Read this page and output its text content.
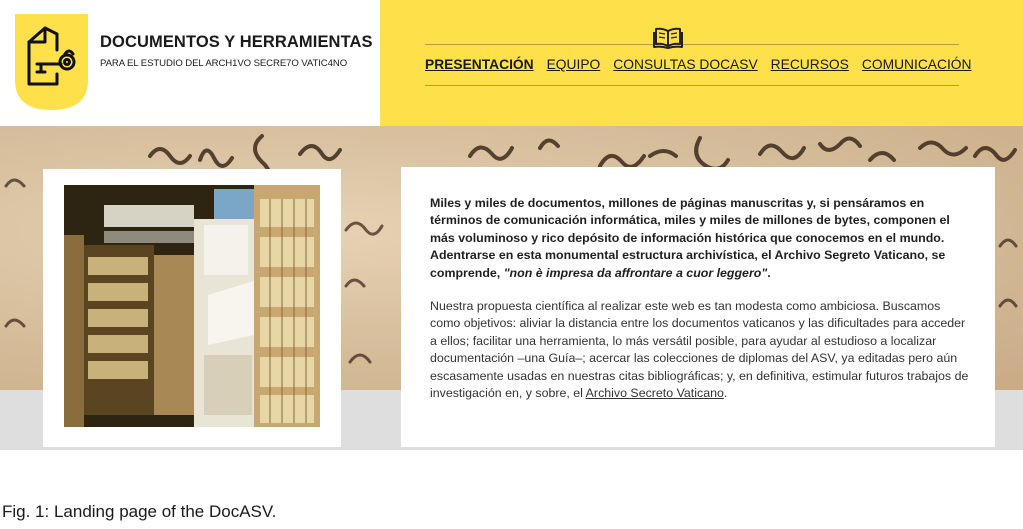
DOCUMENTOS Y HERRAMIENTAS
PARA EL ESTUDIO DEL ARCH1VO SECRE7O VATIC4NO	PRESENTACIÓN EQUIPO CONSULTAS DOCASV RECURSOS COMUNICACIÓN

Miles y miles de documentos, millones de páginas manuscritas y, si pensáramos en términos de comunicación informática, miles y miles de millones de bytes, componen el más voluminoso y rico depósito de información histórica que conocemos en el mundo. Adentrarse en esta monumental estructura archivística, el Archivo Segreto Vaticano, se comprende, "non è impresa da affrontare a cuor leggero".

Nuestra propuesta científica al realizar este web es tan modesta como ambiciosa. Buscamos como objetivos: aliviar la distancia entre los documentos vaticanos y las dificultades para acceder a ellos; facilitar una herramienta, lo más versátil posible, para ayudar al estudioso a localizar documentación –una Guía–; acercar las colecciones de diplomas del ASV, ya editadas pero aún escasamente usadas en nuestras citas bibliográficas; y, en definitiva, estimular futuros trabajos de investigación en, y sobre, el Archivo Secreto Vaticano.

Fig. 1: Landing page of the DocASV.
